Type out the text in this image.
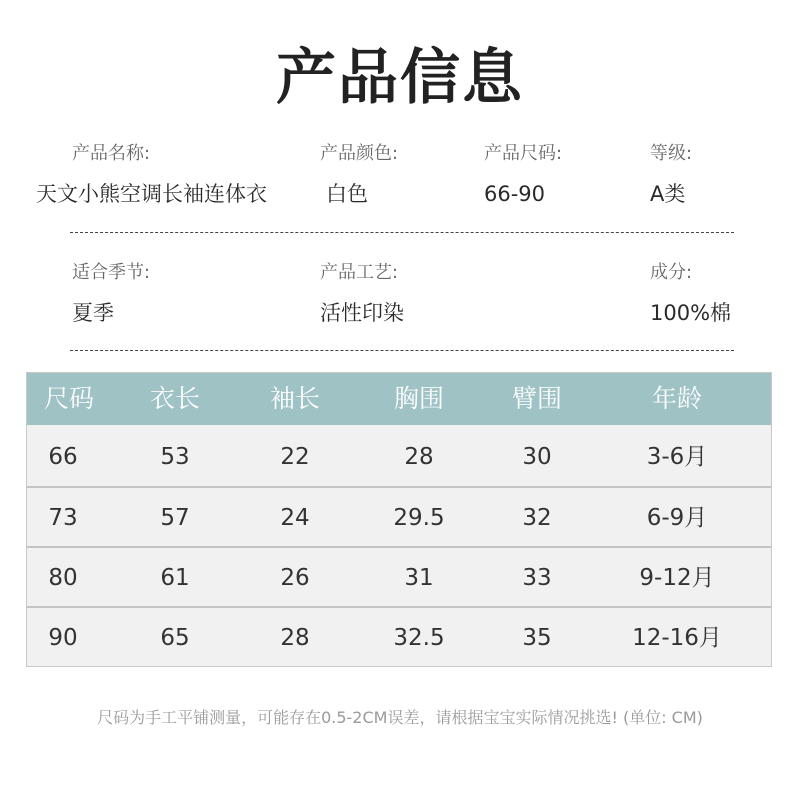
产品信息
产品名称:
天文小熊空调长袖连体衣
产品颜色:
白色
产品尺码:
66-90
等级:
A类
适合季节:
夏季
产品工艺:
活性印染
成分:
100%棉
尺码	衣长	袖长	胸围	臂围	年龄
66	53	22	28	30	3-6月
73	57	24	29.5	32	6-9月
80	61	26	31	33	9-12月
90	65	28	32.5	35	12-16月
尺码为手工平铺测量，可能存在0.5-2CM误差，请根据宝宝实际情况挑选! (单位: CM)
